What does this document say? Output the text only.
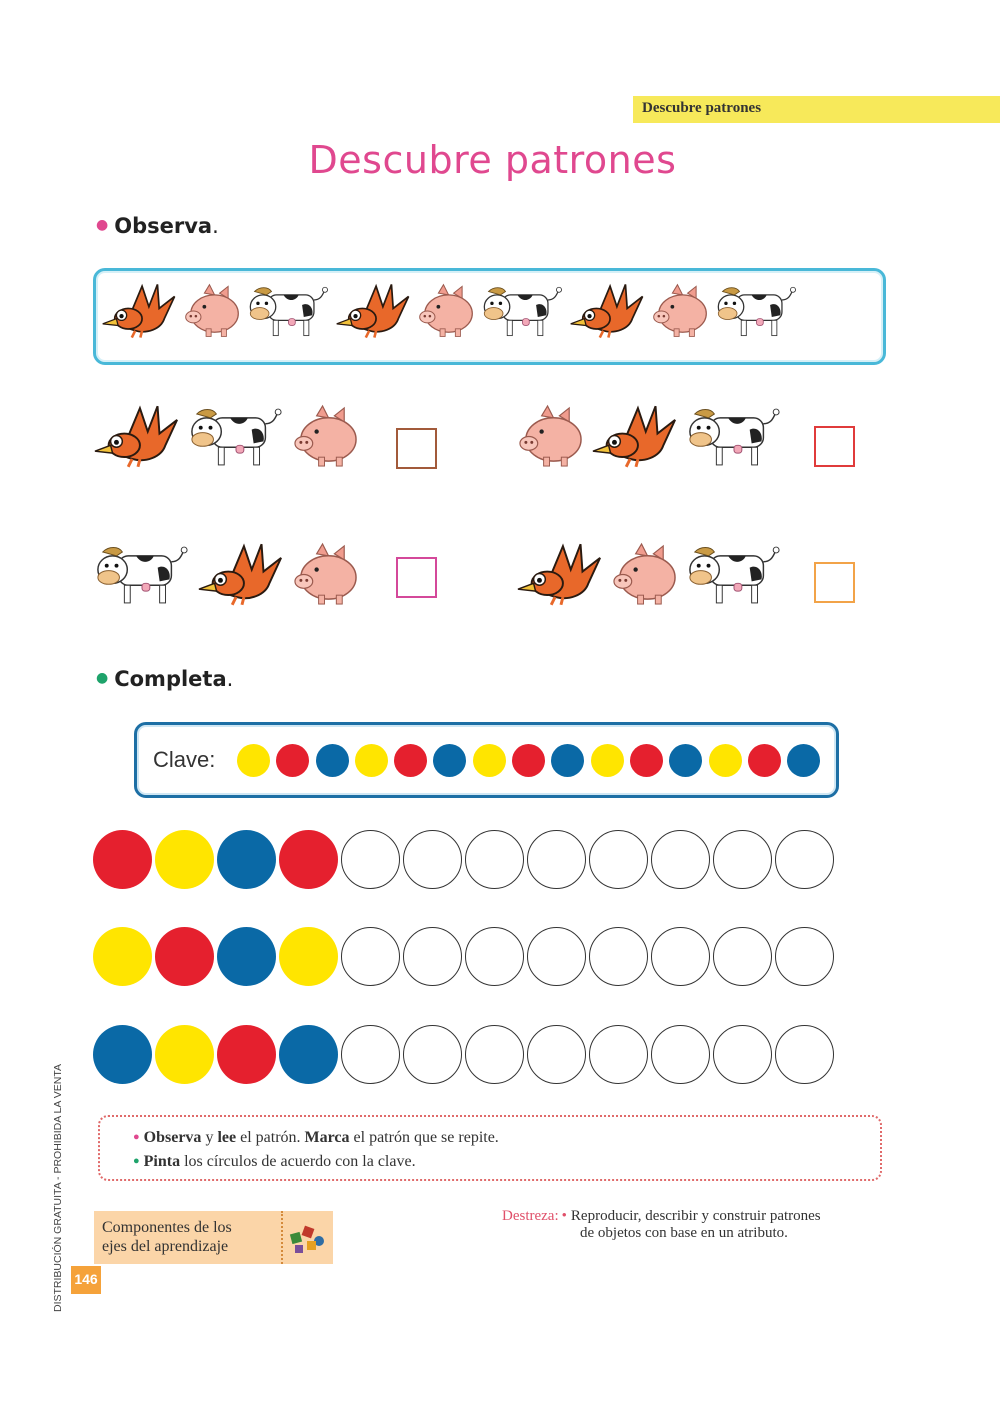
Descubre patrones
Descubre patrones
● Observa.
● Completa.
Clave:
● Observa y lee el patrón. Marca el patrón que se repite.
● Pinta los círculos de acuerdo con la clave.
Componentes de los
ejes del aprendizaje
146
DISTRIBUCIÓN GRATUITA - PROHIBIDA LA VENTA	Destreza: • Reproducir, describir y construir patrones
de objetos con base en un atributo.
